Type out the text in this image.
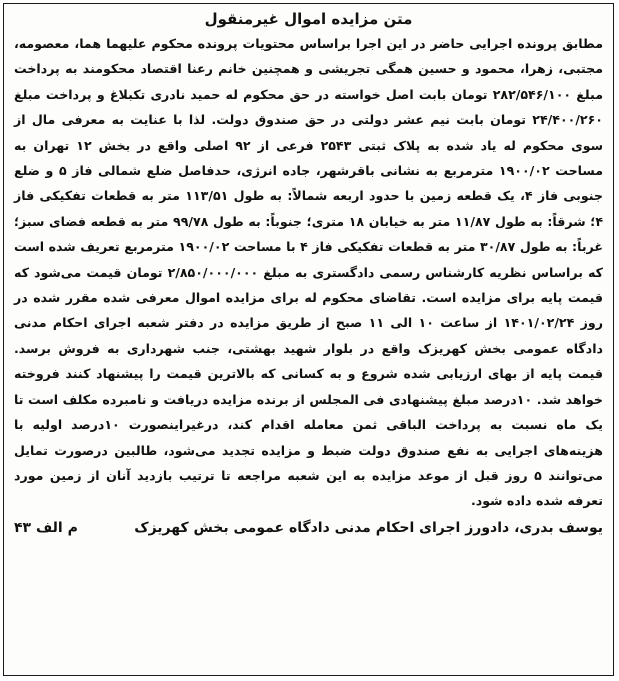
متن مزایده اموال غیرمنقول

مطابق پرونده اجرایی حاضر در این اجرا براساس محتویات پرونده محکوم علیهما هما، معصومه، مجتبی، زهرا، محمود و حسین همگی تجریشی و همچنین خانم رعنا اقتصاد محکومند به پرداخت مبلغ ۲۸۲/۵۴۶/۱۰۰ تومان بابت اصل خواسته در حق محکوم له حمید نادری تکبلاغ و پرداخت مبلغ ۲۴/۴۰۰/۲۶۰ تومان بابت نیم عشر دولتی در حق صندوق دولت. لذا با عنایت به معرفی مال از سوی محکوم له یاد شده به پلاک ثبتی ۲۵۴۳ فرعی از ۹۲ اصلی واقع در بخش ۱۲ تهران به مساحت ۱۹۰۰/۰۲ مترمربع به نشانی باقرشهر، جاده انرژی، حدفاصل ضلع شمالی فاز ۵ و ضلع جنوبی فاز ۴، یک قطعه زمین با حدود اربعه شمالاً: به طول ۱۱۳/۵۱ متر به قطعات تفکیکی فاز ۴؛ شرقاً: به طول ۱۱/۸۷ متر به خیابان ۱۸ متری؛ جنوباً: به طول ۹۹/۷۸ متر به قطعه فضای سبز؛ غرباً: به طول ۳۰/۸۷ متر به قطعات تفکیکی فاز ۴ با مساحت ۱۹۰۰/۰۲ مترمربع تعریف شده است که براساس نظریه کارشناس رسمی دادگستری به مبلغ ۲/۸۵۰/۰۰۰/۰۰۰ تومان قیمت می‌شود که قیمت پایه برای مزایده است. تقاضای محکوم له برای مزایده اموال معرفی شده مقرر شده در روز ۱۴۰۱/۰۲/۲۴ از ساعت ۱۰ الی ۱۱ صبح از طریق مزایده در دفتر شعبه اجرای احکام مدنی دادگاه عمومی بخش کهریزک واقع در بلوار شهید بهشتی، جنب شهرداری به فروش برسد. قیمت پایه از بهای ارزیابی شده شروع و به کسانی که بالاترین قیمت را پیشنهاد کنند فروخته خواهد شد. ۱۰درصد مبلغ پیشنهادی فی المجلس از برنده مزایده دریافت و نامبرده مکلف است تا یک ماه نسبت به پرداخت الباقی ثمن معامله اقدام کند، درغیراینصورت ۱۰درصد اولیه با هزینه‌های اجرایی به نفع صندوق دولت ضبط و مزایده تجدید می‌شود، طالبین درصورت تمایل می‌توانند ۵ روز قبل از موعد مزایده به این شعبه مراجعه تا ترتیب بازدید آنان از زمین مورد تعرفه شده داده شود.

یوسف بدری، دادورز اجرای احکام مدنی دادگاه عمومی بخش کهریزک
م الف ۴۳
